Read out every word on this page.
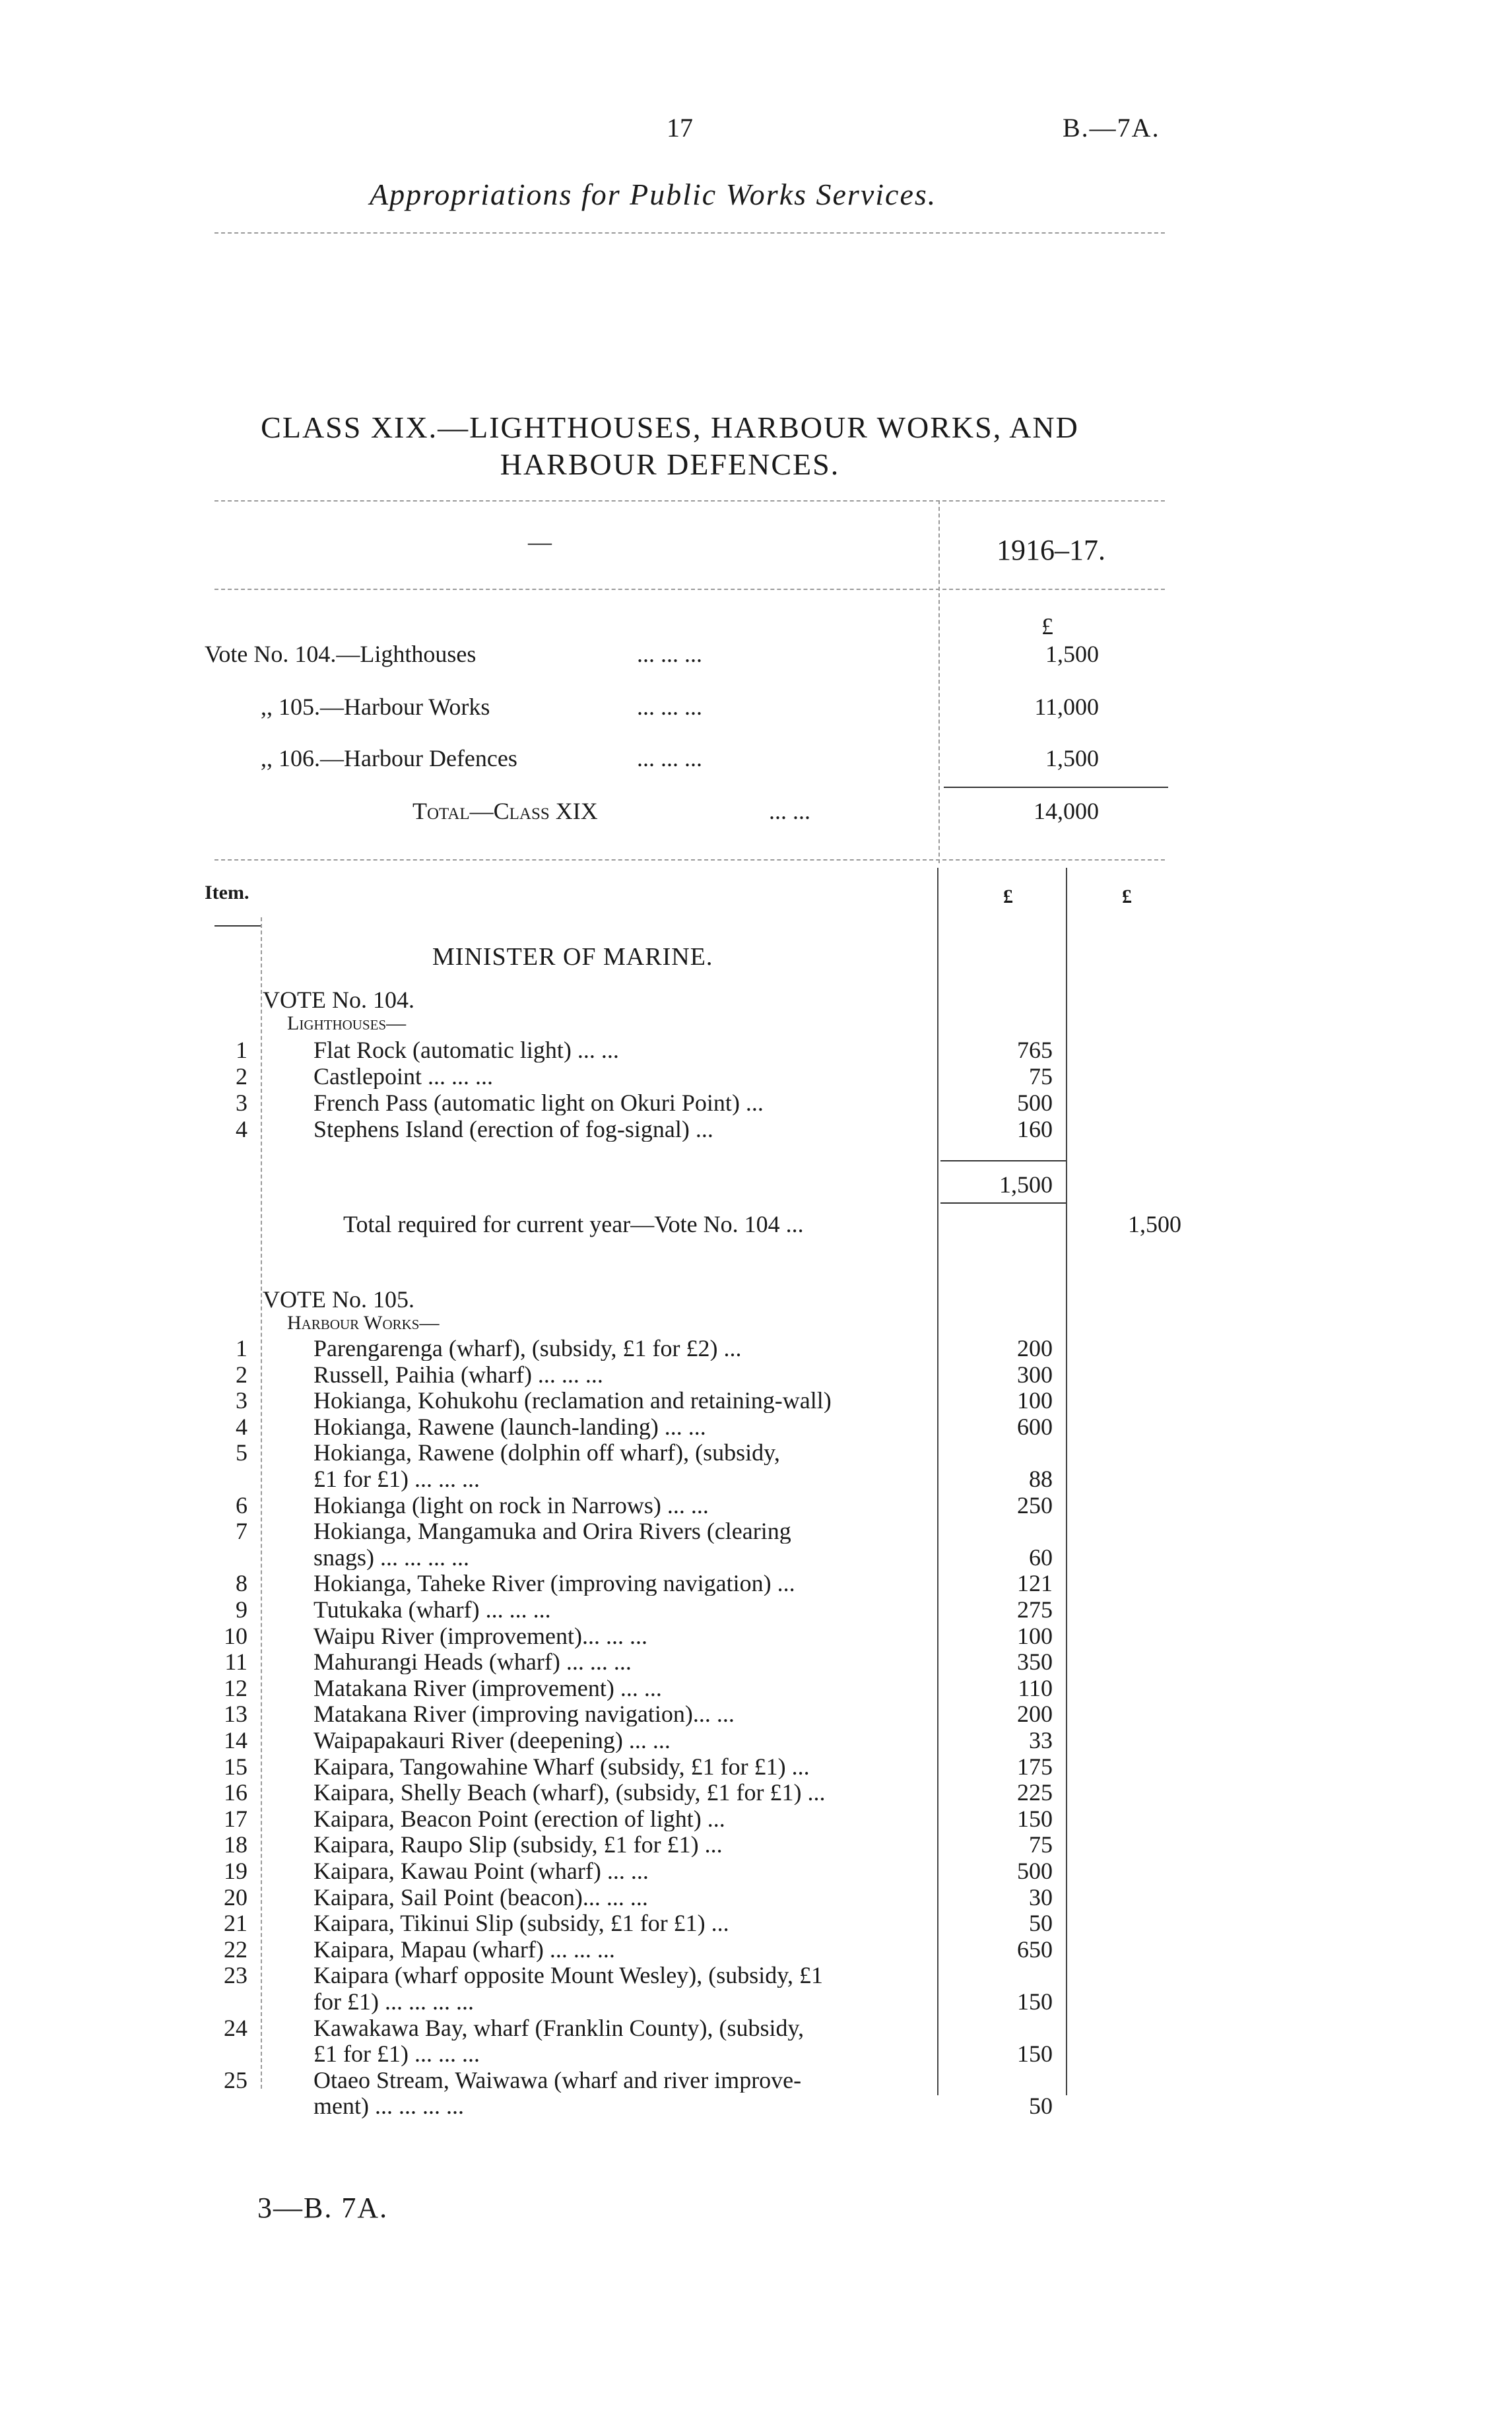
17	B.—7A.
Appropriations for Public Works Services.
CLASS XIX.—LIGHTHOUSES, HARBOUR WORKS, AND
HARBOUR DEFENCES.
—	1916–17.
£
Vote No. 104.—Lighthouses	... ... ...	1,500
,, 105.—Harbour Works	... ... ...	11,000
,, 106.—Harbour Defences	... ... ...	1,500
Total—Class XIX	... ...	14,000
Item.	£	£
MINISTER OF MARINE.
VOTE No. 104.
Lighthouses—
1	Flat Rock (automatic light) ... ...	765
2	Castlepoint ... ... ...	75
3	French Pass (automatic light on Okuri Point) ...	500
4	Stephens Island (erection of fog-signal) ...	160
1,500
Total required for current year—Vote No. 104 ...	1,500
VOTE No. 105.
Harbour Works—
1	Parengarenga (wharf), (subsidy, £1 for £2) ...	200
2	Russell, Paihia (wharf) ... ... ...	300
3	Hokianga, Kohukohu (reclamation and retaining-wall)	100
4	Hokianga, Rawene (launch-landing) ... ...	600
5	Hokianga, Rawene (dolphin off wharf), (subsidy,
£1 for £1) ... ... ...	88
6	Hokianga (light on rock in Narrows) ... ...	250
7	Hokianga, Mangamuka and Orira Rivers (clearing
snags) ... ... ... ...	60
8	Hokianga, Taheke River (improving navigation) ...	121
9	Tutukaka (wharf) ... ... ...	275
10	Waipu River (improvement)... ... ...	100
11	Mahurangi Heads (wharf) ... ... ...	350
12	Matakana River (improvement) ... ...	110
13	Matakana River (improving navigation)... ...	200
14	Waipapakauri River (deepening) ... ...	33
15	Kaipara, Tangowahine Wharf (subsidy, £1 for £1) ...	175
16	Kaipara, Shelly Beach (wharf), (subsidy, £1 for £1) ...	225
17	Kaipara, Beacon Point (erection of light) ...	150
18	Kaipara, Raupo Slip (subsidy, £1 for £1) ...	75
19	Kaipara, Kawau Point (wharf) ... ...	500
20	Kaipara, Sail Point (beacon)... ... ...	30
21	Kaipara, Tikinui Slip (subsidy, £1 for £1) ...	50
22	Kaipara, Mapau (wharf) ... ... ...	650
23	Kaipara (wharf opposite Mount Wesley), (subsidy, £1
for £1) ... ... ... ...	150
24	Kawakawa Bay, wharf (Franklin County), (subsidy,
£1 for £1) ... ... ...	150
25	Otaeo Stream, Waiwawa (wharf and river improve-
ment) ... ... ... ...	50
3—B. 7A.
